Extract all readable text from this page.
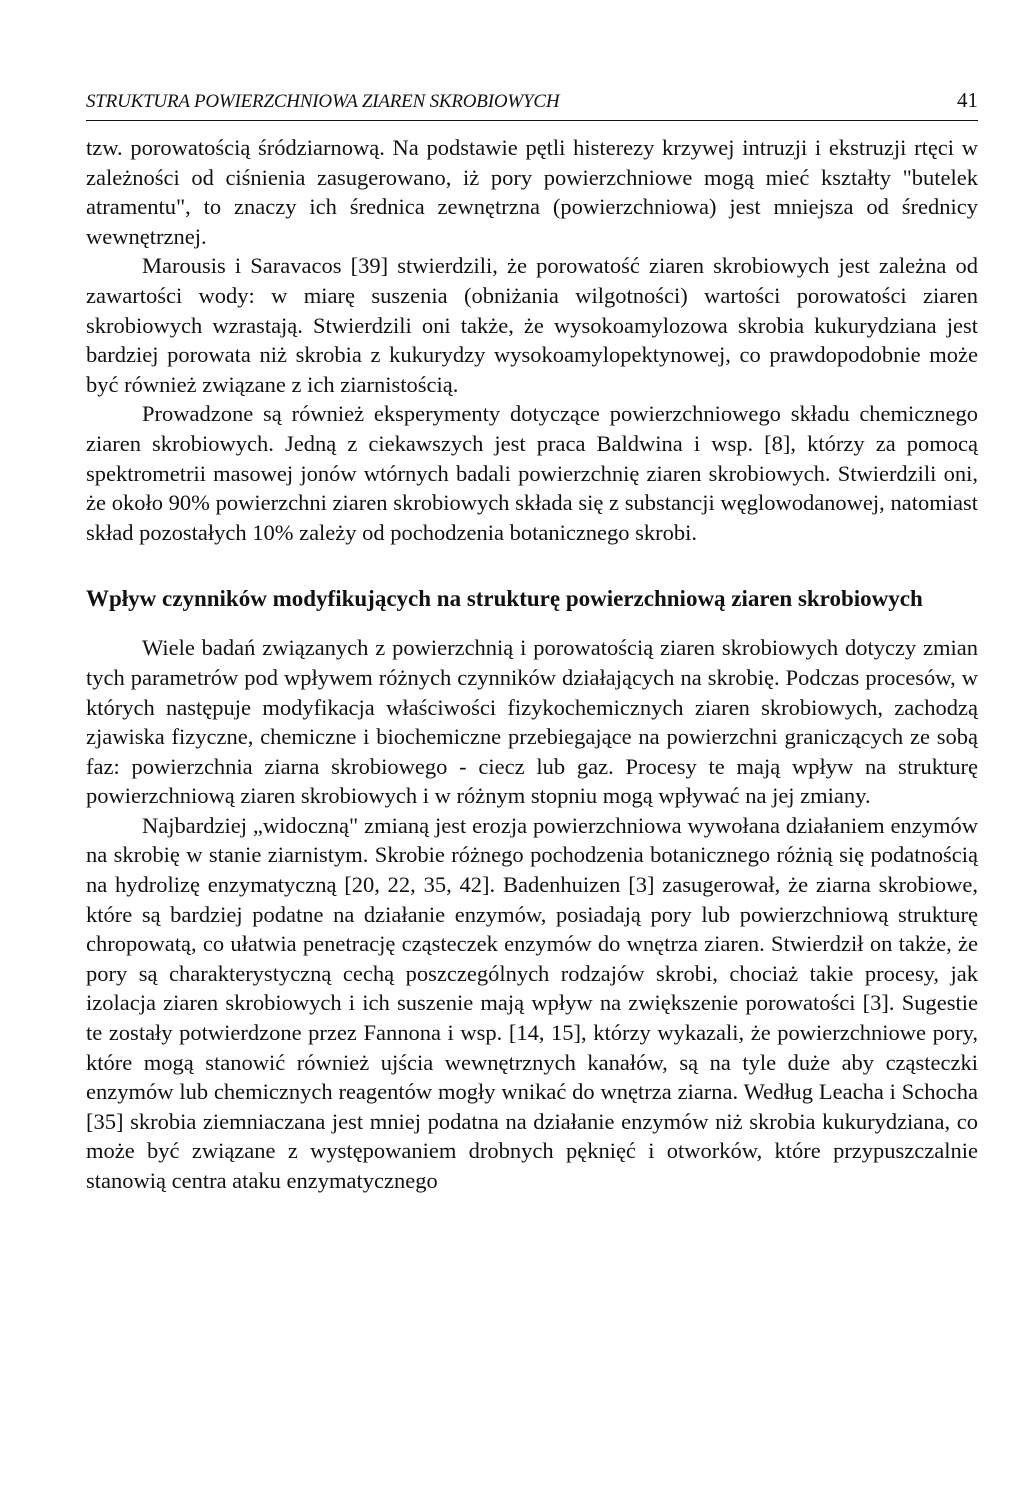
STRUKTURA POWIERZCHNIOWA ZIAREN SKROBIOWYCH	41

tzw. porowatością śródziarnową. Na podstawie pętli histerezy krzywej intruzji i ekstruzji rtęci w zależności od ciśnienia zasugerowano, iż pory powierzchniowe mogą mieć kształty "butelek atramentu", to znaczy ich średnica zewnętrzna (powierzchniowa) jest mniejsza od średnicy wewnętrznej.

Marousis i Saravacos [39] stwierdzili, że porowatość ziaren skrobiowych jest zależna od zawartości wody: w miarę suszenia (obniżania wilgotności) wartości porowatości ziaren skrobiowych wzrastają. Stwierdzili oni także, że wysokoamylozowa skrobia kukurydziana jest bardziej porowata niż skrobia z kukurydzy wysokoamylopektynowej, co prawdopodobnie może być również związane z ich ziarnistością.

Prowadzone są również eksperymenty dotyczące powierzchniowego składu chemicznego ziaren skrobiowych. Jedną z ciekawszych jest praca Baldwina i wsp. [8], którzy za pomocą spektrometrii masowej jonów wtórnych badali powierzchnię ziaren skrobiowych. Stwierdzili oni, że około 90% powierzchni ziaren skrobiowych składa się z substancji węglowodanowej, natomiast skład pozostałych 10% zależy od pochodzenia botanicznego skrobi.

Wpływ czynników modyfikujących na strukturę powierzchniową ziaren skrobiowych

Wiele badań związanych z powierzchnią i porowatością ziaren skrobiowych dotyczy zmian tych parametrów pod wpływem różnych czynników działających na skrobię. Podczas procesów, w których następuje modyfikacja właściwości fizykochemicznych ziaren skrobiowych, zachodzą zjawiska fizyczne, chemiczne i biochemiczne przebiegające na powierzchni graniczących ze sobą faz: powierzchnia ziarna skrobiowego - ciecz lub gaz. Procesy te mają wpływ na strukturę powierzchniową ziaren skrobiowych i w różnym stopniu mogą wpływać na jej zmiany.

Najbardziej „widoczną" zmianą jest erozja powierzchniowa wywołana działaniem enzymów na skrobię w stanie ziarnistym. Skrobie różnego pochodzenia botanicznego różnią się podatnością na hydrolizę enzymatyczną [20, 22, 35, 42]. Badenhuizen [3] zasugerował, że ziarna skrobiowe, które są bardziej podatne na działanie enzymów, posiadają pory lub powierzchniową strukturę chropowatą, co ułatwia penetrację cząsteczek enzymów do wnętrza ziaren. Stwierdził on także, że pory są charakterystyczną cechą poszczególnych rodzajów skrobi, chociaż takie procesy, jak izolacja ziaren skrobiowych i ich suszenie mają wpływ na zwiększenie porowatości [3]. Sugestie te zostały potwierdzone przez Fannona i wsp. [14, 15], którzy wykazali, że powierzchniowe pory, które mogą stanowić również ujścia wewnętrznych kanałów, są na tyle duże aby cząsteczki enzymów lub chemicznych reagentów mogły wnikać do wnętrza ziarna. Według Leacha i Schocha [35] skrobia ziemniaczana jest mniej podatna na działanie enzymów niż skrobia kukurydziana, co może być związane z występowaniem drobnych pęknięć i otworków, które przypuszczalnie stanowią centra ataku enzymatycznego
